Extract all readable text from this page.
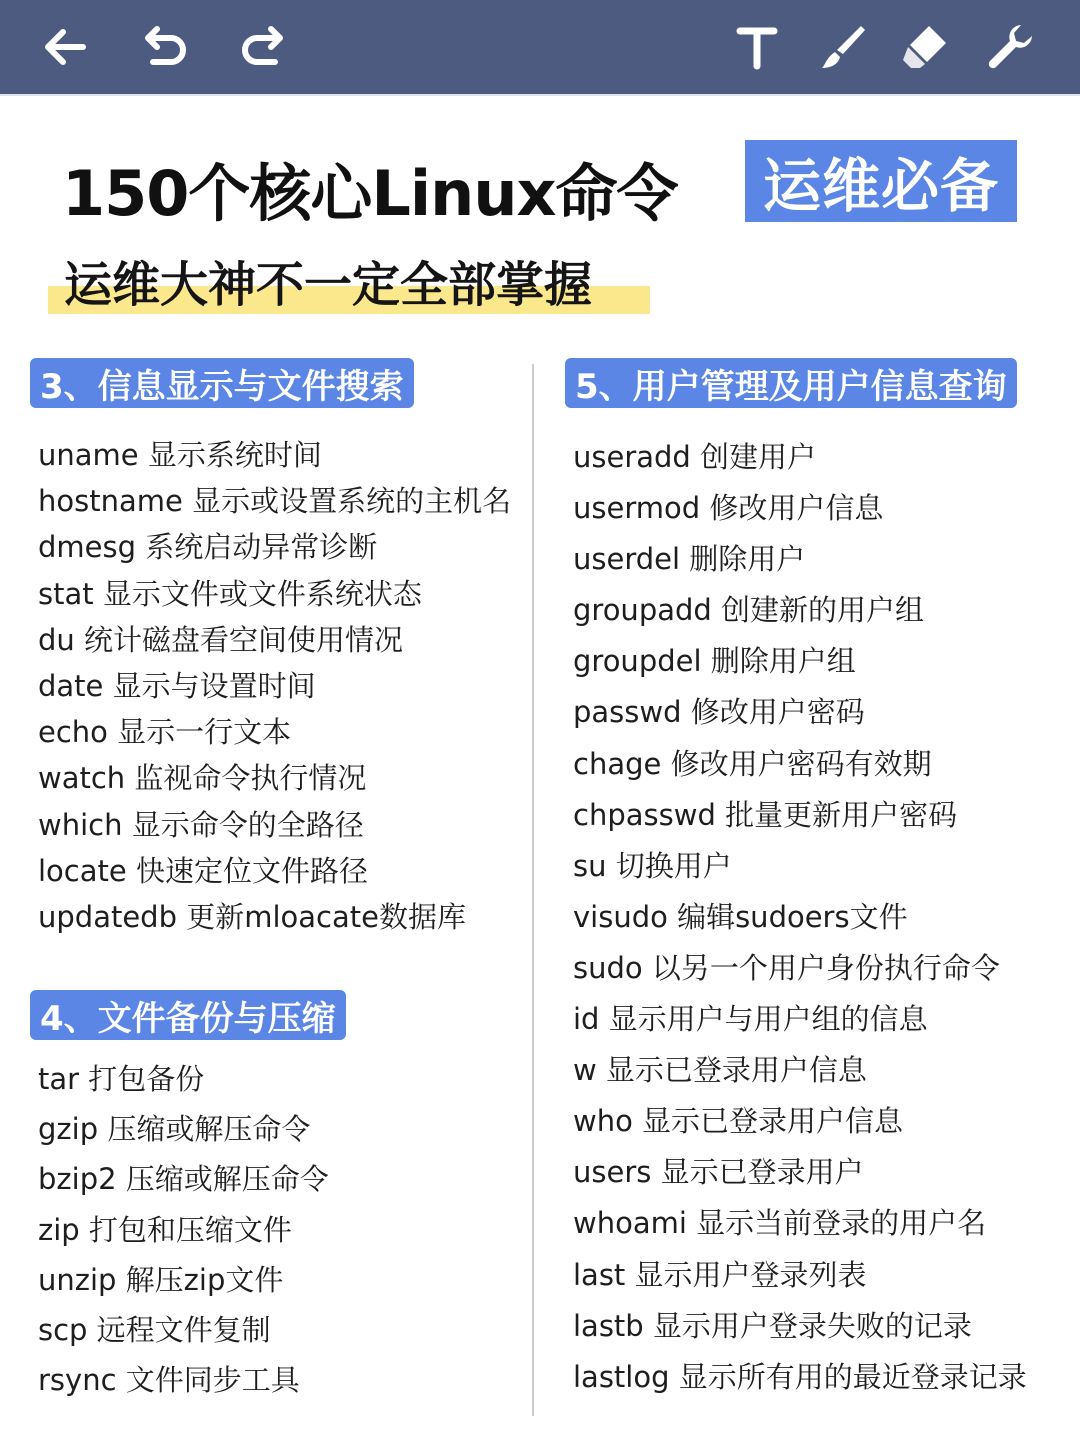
150个核心Linux命令	运维必备
运维大神不一定全部掌握
3、信息显示与文件搜索
uname 显示系统时间
hostname 显示或设置系统的主机名
dmesg 系统启动异常诊断
stat 显示文件或文件系统状态
du 统计磁盘看空间使用情况
date 显示与设置时间
echo 显示一行文本
watch 监视命令执行情况
which 显示命令的全路径
locate 快速定位文件路径
updatedb 更新mloacate数据库
4、文件备份与压缩
tar 打包备份
gzip 压缩或解压命令
bzip2 压缩或解压命令
zip 打包和压缩文件
unzip 解压zip文件
scp 远程文件复制
rsync 文件同步工具
5、用户管理及用户信息查询
useradd 创建用户
usermod 修改用户信息
userdel 删除用户
groupadd 创建新的用户组
groupdel 删除用户组
passwd 修改用户密码
chage 修改用户密码有效期
chpasswd 批量更新用户密码
su 切换用户
visudo 编辑sudoers文件
sudo 以另一个用户身份执行命令
id 显示用户与用户组的信息
w 显示已登录用户信息
who 显示已登录用户信息
users 显示已登录用户
whoami 显示当前登录的用户名
last 显示用户登录列表
lastb 显示用户登录失败的记录
lastlog 显示所有用的最近登录记录
